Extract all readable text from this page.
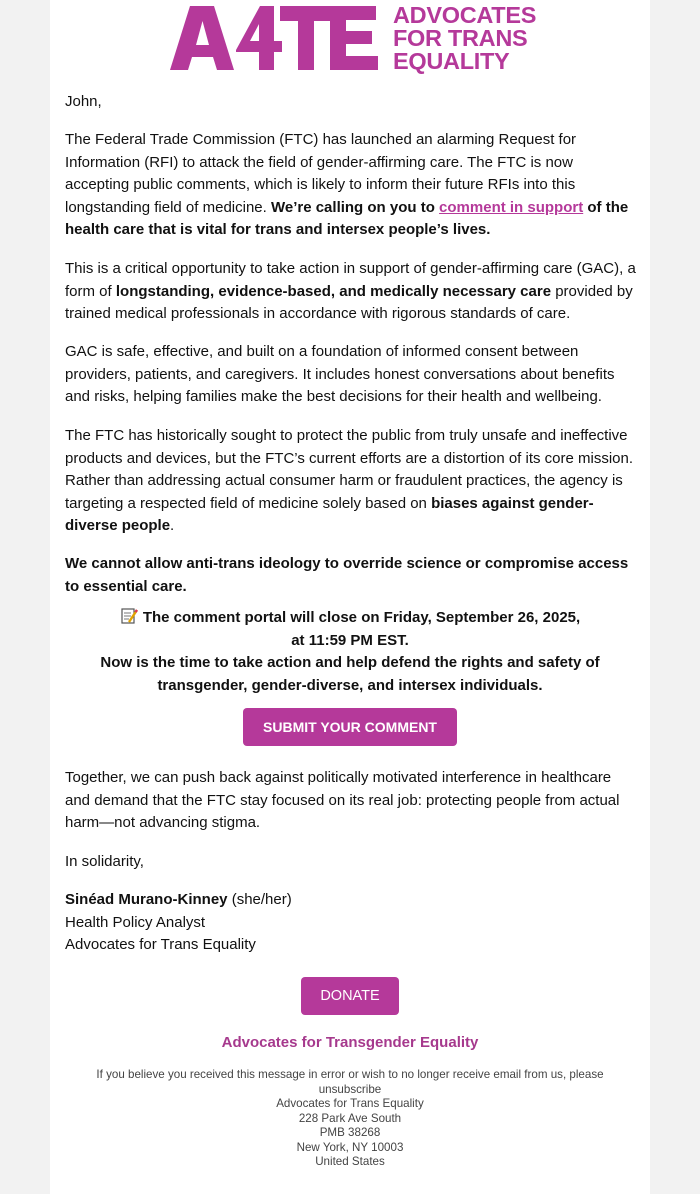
ADVOCATES
FOR TRANS
EQUALITY
John,
The Federal Trade Commission (FTC) has launched an alarming Request for Information (RFI) to attack the field of gender-affirming care. The FTC is now accepting public comments, which is likely to inform their future RFIs into this longstanding field of medicine. We’re calling on you to comment in support of the health care that is vital for trans and intersex people’s lives.
This is a critical opportunity to take action in support of gender-affirming care (GAC), a form of longstanding, evidence-based, and medically necessary care provided by trained medical professionals in accordance with rigorous standards of care.
GAC is safe, effective, and built on a foundation of informed consent between providers, patients, and caregivers. It includes honest conversations about benefits and risks, helping families make the best decisions for their health and wellbeing.
The FTC has historically sought to protect the public from truly unsafe and ineffective products and devices, but the FTC’s current efforts are a distortion of its core mission. Rather than addressing actual consumer harm or fraudulent practices, the agency is targeting a respected field of medicine solely based on biases against gender-diverse people.
We cannot allow anti-trans ideology to override science or compromise access to essential care.
The comment portal will close on Friday, September 26, 2025,
at 11:59 PM EST.
Now is the time to take action and help defend the rights and safety of transgender, gender-diverse, and intersex individuals.
SUBMIT YOUR COMMENT
Together, we can push back against politically motivated interference in healthcare and demand that the FTC stay focused on its real job: protecting people from actual harm—not advancing stigma.
In solidarity,
Sinéad Murano-Kinney (she/her)
Health Policy Analyst
Advocates for Trans Equality
DONATE
Advocates for Transgender Equality
If you believe you received this message in error or wish to no longer receive email from us, please
unsubscribe
Advocates for Trans Equality
228 Park Ave South
PMB 38268
New York, NY 10003
United States
